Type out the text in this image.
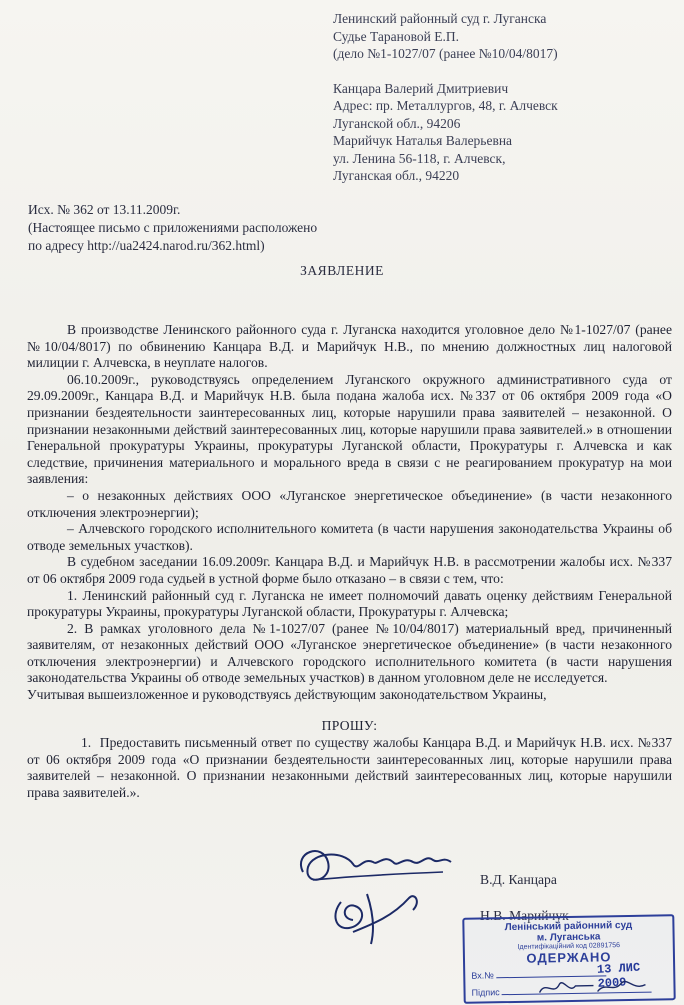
Ленинский районный суд г. Луганска
Судье Тарановой Е.П.
(дело №1-1027/07 (ранее №10/04/8017)
Канцара Валерий Дмитриевич
Адрес: пр. Металлургов, 48, г. Алчевск
Луганской обл., 94206
Марийчук Наталья Валерьевна
ул. Ленина 56-118, г. Алчевск,
Луганская обл., 94220
Исх. № 362 от 13.11.2009г.
(Настоящее письмо с приложениями расположено
по адресу http://ua2424.narod.ru/362.html)
ЗАЯВЛЕНИЕ

В производстве Ленинского районного суда г. Луганска находится уголовное дело №1-1027/07 (ранее №10/04/8017) по обвинению Канцара В.Д. и Марийчук Н.В., по мнению должностных лиц налоговой милиции г. Алчевска, в неуплате налогов.

06.10.2009г., руководствуясь определением Луганского окружного административного суда от 29.09.2009г., Канцара В.Д. и Марийчук Н.В. была подана жалоба исх. №337 от 06 октября 2009 года «О признании бездеятельности заинтересованных лиц, которые нарушили права заявителей – незаконной. О признании незаконными действий заинтересованных лиц, которые нарушили права заявителей.» в отношении Генеральной прокуратуры Украины, прокуратуры Луганской области, Прокуратуры г. Алчевска и как следствие, причинения материального и морального вреда в связи с не реагированием прокуратур на мои заявления:

– о незаконных действиях ООО «Луганское энергетическое объединение» (в части незаконного отключения электроэнергии);

– Алчевского городского исполнительного комитета (в части нарушения законодательства Украины об отводе земельных участков).

В судебном заседании 16.09.2009г. Канцара В.Д. и Марийчук Н.В. в рассмотрении жалобы исх. №337 от 06 октября 2009 года судьей в устной форме было отказано – в связи с тем, что:

1. Ленинский районный суд г. Луганска не имеет полномочий давать оценку действиям Генеральной прокуратуры Украины, прокуратуры Луганской области, Прокуратуры г. Алчевска;

2. В рамках уголовного дела №1-1027/07 (ранее №10/04/8017) материальный вред, причиненный заявителям, от незаконных действий ООО «Луганское энергетическое объединение» (в части незаконного отключения электроэнергии) и Алчевского городского исполнительного комитета (в части нарушения законодательства Украины об отводе земельных участков) в данном уголовном деле не исследуется.

Учитывая вышеизложенное и руководствуясь действующим законодательством Украины,

ПРОШУ:

1. Предоставить письменный ответ по существу жалобы Канцара В.Д. и Марийчук Н.В. исх. №337 от 06 октября 2009 года «О признании бездеятельности заинтересованных лиц, которые нарушили права заявителей – незаконной. О признании незаконными действий заинтересованных лиц, которые нарушили права заявителей.».

В.Д. Канцара
Н.В. Марийчук
Ленінський районний суд
м. Луганська
Ідентифікаційний код 02891756
ОДЕРЖАНО
Вх.№	13 ЛИС 2009
Підпис
